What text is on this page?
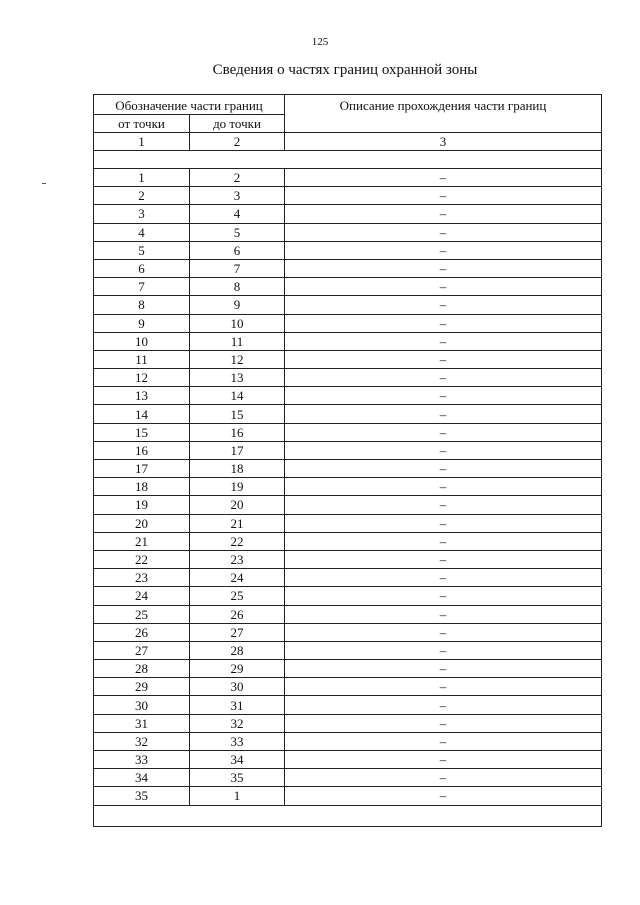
125
Сведения о частях границ охранной зоны
Обозначение части границ		Описание прохождения части границ
от точки	до точки	
1	2	3

1	2	–
2	3	–
3	4	–
4	5	–
5	6	–
6	7	–
7	8	–
8	9	–
9	10	–
10	11	–
11	12	–
12	13	–
13	14	–
14	15	–
15	16	–
16	17	–
17	18	–
18	19	–
19	20	–
20	21	–
21	22	–
22	23	–
23	24	–
24	25	–
25	26	–
26	27	–
27	28	–
28	29	–
29	30	–
30	31	–
31	32	–
32	33	–
33	34	–
34	35	–
35	1	–
